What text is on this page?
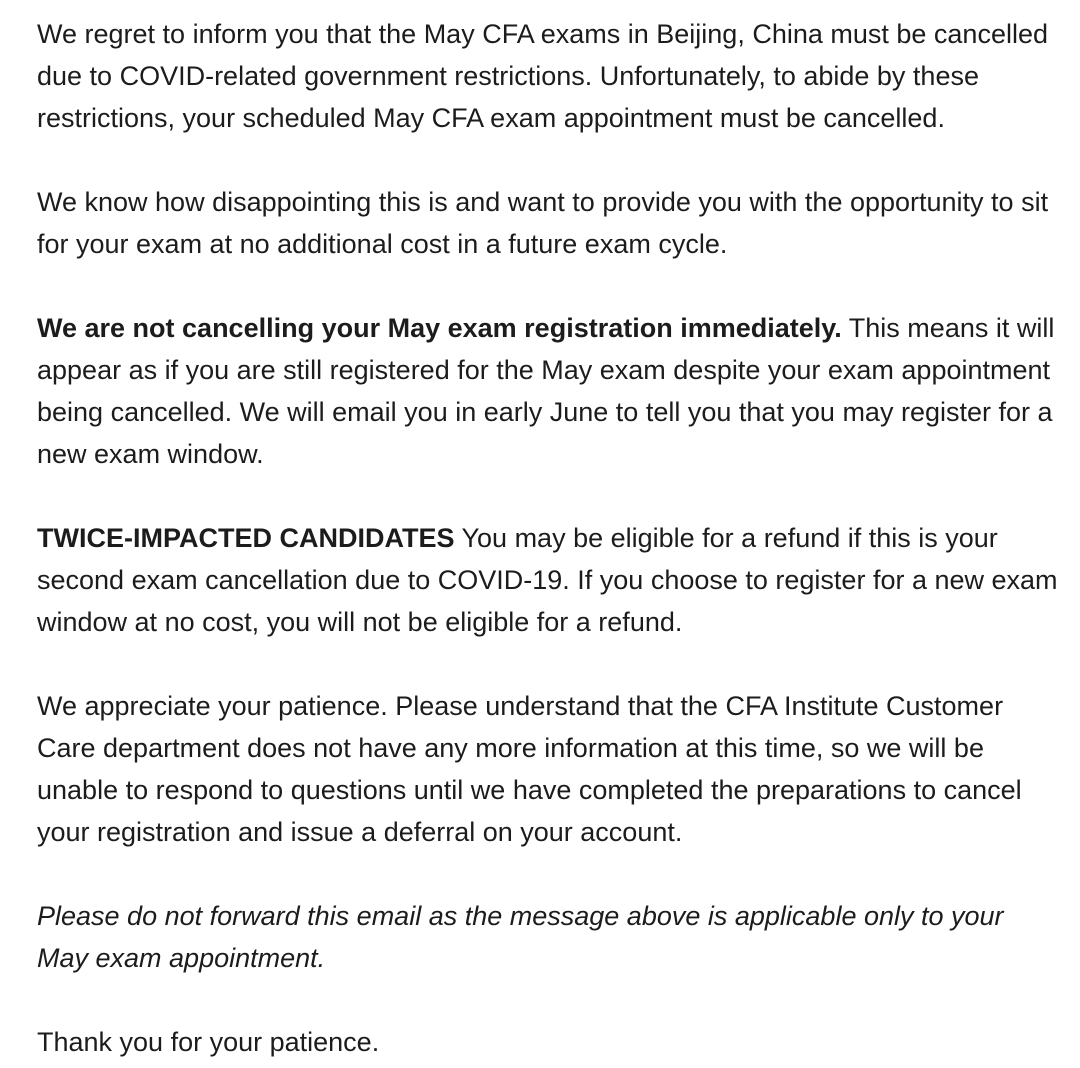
We regret to inform you that the May CFA exams in Beijing, China must be cancelled due to COVID-related government restrictions. Unfortunately, to abide by these restrictions, your scheduled May CFA exam appointment must be cancelled.

We know how disappointing this is and want to provide you with the opportunity to sit for your exam at no additional cost in a future exam cycle.

We are not cancelling your May exam registration immediately. This means it will appear as if you are still registered for the May exam despite your exam appointment being cancelled. We will email you in early June to tell you that you may register for a new exam window.

TWICE-IMPACTED CANDIDATES You may be eligible for a refund if this is your second exam cancellation due to COVID-19. If you choose to register for a new exam window at no cost, you will not be eligible for a refund.

We appreciate your patience. Please understand that the CFA Institute Customer Care department does not have any more information at this time, so we will be unable to respond to questions until we have completed the preparations to cancel your registration and issue a deferral on your account.

Please do not forward this email as the message above is applicable only to your May exam appointment.

Thank you for your patience.
